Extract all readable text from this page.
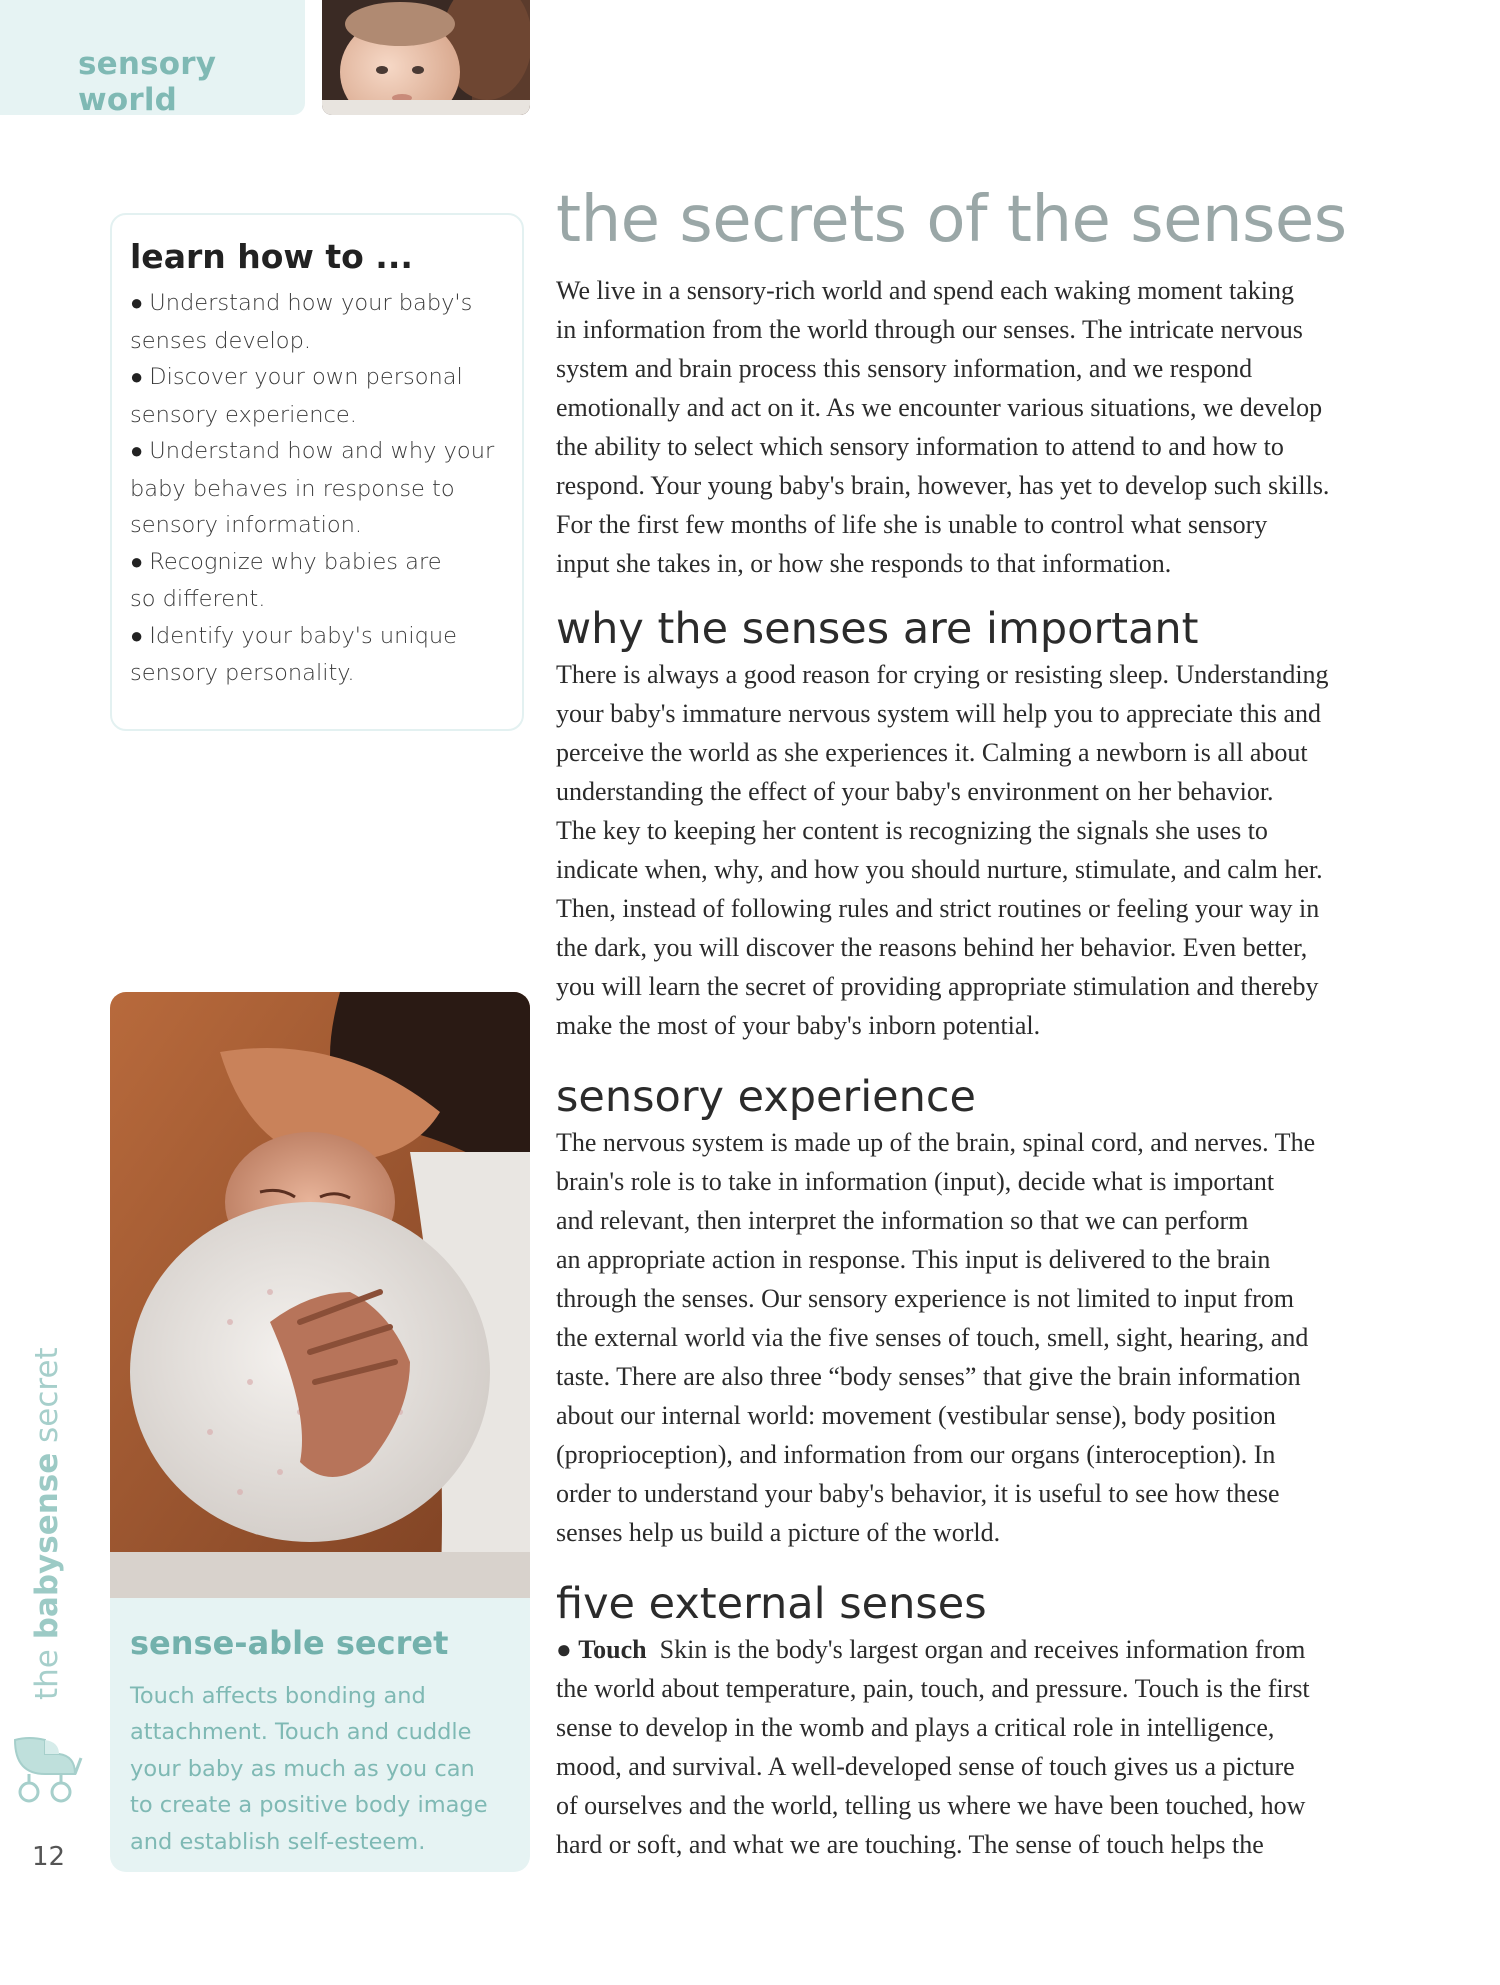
sensory world
learn how to ...
● Understand how your baby's
senses develop.
● Discover your own personal
sensory experience.
● Understand how and why your
baby behaves in response to
sensory information.
● Recognize why babies are
so different.
● Identify your baby's unique
sensory personality.
sense-able secret
Touch affects bonding and
attachment. Touch and cuddle
your baby as much as you can
to create a positive body image
and establish self-esteem.
the babysense secret
12
the secrets of the senses
We live in a sensory-rich world and spend each waking moment taking
in information from the world through our senses. The intricate nervous
system and brain process this sensory information, and we respond
emotionally and act on it. As we encounter various situations, we develop
the ability to select which sensory information to attend to and how to
respond. Your young baby's brain, however, has yet to develop such skills.
For the first few months of life she is unable to control what sensory
input she takes in, or how she responds to that information.
why the senses are important
There is always a good reason for crying or resisting sleep. Understanding
your baby's immature nervous system will help you to appreciate this and
perceive the world as she experiences it. Calming a newborn is all about
understanding the effect of your baby's environment on her behavior.
The key to keeping her content is recognizing the signals she uses to
indicate when, why, and how you should nurture, stimulate, and calm her.
Then, instead of following rules and strict routines or feeling your way in
the dark, you will discover the reasons behind her behavior. Even better,
you will learn the secret of providing appropriate stimulation and thereby
make the most of your baby's inborn potential.
sensory experience
The nervous system is made up of the brain, spinal cord, and nerves. The
brain's role is to take in information (input), decide what is important
and relevant, then interpret the information so that we can perform
an appropriate action in response. This input is delivered to the brain
through the senses. Our sensory experience is not limited to input from
the external world via the five senses of touch, smell, sight, hearing, and
taste. There are also three “body senses” that give the brain information
about our internal world: movement (vestibular sense), body position
(proprioception), and information from our organs (interoception). In
order to understand your baby's behavior, it is useful to see how these
senses help us build a picture of the world.
five external senses
● Touch Skin is the body's largest organ and receives information from
the world about temperature, pain, touch, and pressure. Touch is the first
sense to develop in the womb and plays a critical role in intelligence,
mood, and survival. A well-developed sense of touch gives us a picture
of ourselves and the world, telling us where we have been touched, how
hard or soft, and what we are touching. The sense of touch helps the
